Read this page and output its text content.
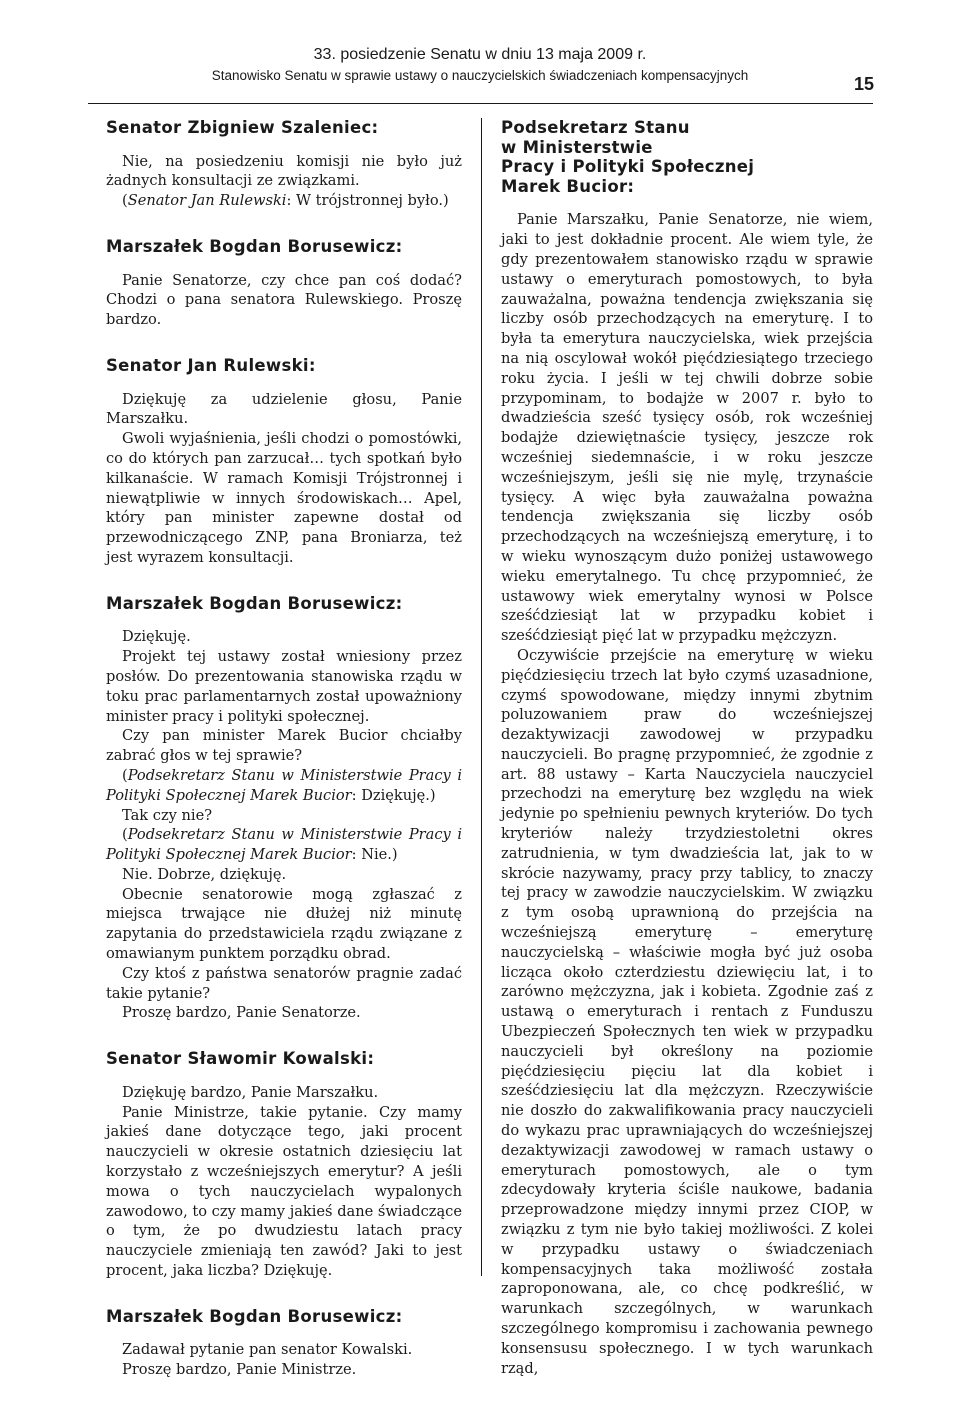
33. posiedzenie Senatu w dniu 13 maja 2009 r.
Stanowisko Senatu w sprawie ustawy o nauczycielskich świadczeniach kompensacyjnych	15
Senator Zbigniew Szaleniec:

Nie, na posiedzeniu komisji nie było już żadnych konsultacji ze związkami.

(Senator Jan Rulewski: W trójstronnej było.)

Marszałek Bogdan Borusewicz:

Panie Senatorze, czy chce pan coś dodać? Chodzi o pana senatora Rulewskiego. Proszę bardzo.

Senator Jan Rulewski:

Dziękuję za udzielenie głosu, Panie Marszałku.

Gwoli wyjaśnienia, jeśli chodzi o pomostówki, co do których pan zarzucał… tych spotkań było kilkanaście. W ramach Komisji Trójstronnej i niewątpliwie w innych środowiskach… Apel, który pan minister zapewne dostał od przewodniczącego ZNP, pana Broniarza, też jest wyrazem konsultacji.

Marszałek Bogdan Borusewicz:

Dziękuję.

Projekt tej ustawy został wniesiony przez posłów. Do prezentowania stanowiska rządu w toku prac parlamentarnych został upoważniony minister pracy i polityki społecznej.

Czy pan minister Marek Bucior chciałby zabrać głos w tej sprawie?

(Podsekretarz Stanu w Ministerstwie Pracy i Polityki Społecznej Marek Bucior: Dziękuję.)

Tak czy nie?

(Podsekretarz Stanu w Ministerstwie Pracy i Polityki Społecznej Marek Bucior: Nie.)

Nie. Dobrze, dziękuję.

Obecnie senatorowie mogą zgłaszać z miejsca trwające nie dłużej niż minutę zapytania do przedstawiciela rządu związane z omawianym punktem porządku obrad.

Czy ktoś z państwa senatorów pragnie zadać takie pytanie?

Proszę bardzo, Panie Senatorze.

Senator Sławomir Kowalski:

Dziękuję bardzo, Panie Marszałku.

Panie Ministrze, takie pytanie. Czy mamy jakieś dane dotyczące tego, jaki procent nauczycieli w okresie ostatnich dziesięciu lat korzystało z wcześniejszych emerytur? A jeśli mowa o tych nauczycielach wypalonych zawodowo, to czy mamy jakieś dane świadczące o tym, że po dwudziestu latach pracy nauczyciele zmieniają ten zawód? Jaki to jest procent, jaka liczba? Dziękuję.

Marszałek Bogdan Borusewicz:

Zadawał pytanie pan senator Kowalski.

Proszę bardzo, Panie Ministrze.

Podsekretarz Stanu
w Ministerstwie
Pracy i Polityki Społecznej
Marek Bucior:

Panie Marszałku, Panie Senatorze, nie wiem, jaki to jest dokładnie procent. Ale wiem tyle, że gdy prezentowałem stanowisko rządu w sprawie ustawy o emeryturach pomostowych, to była zauważalna, poważna tendencja zwiększania się liczby osób przechodzących na emeryturę. I to była ta emerytura nauczycielska, wiek przejścia na nią oscylował wokół pięćdziesiątego trzeciego roku życia. I jeśli w tej chwili dobrze sobie przypominam, to bodajże w 2007 r. było to dwadzieścia sześć tysięcy osób, rok wcześniej bodajże dziewiętnaście tysięcy, jeszcze rok wcześniej siedemnaście, i w roku jeszcze wcześniejszym, jeśli się nie mylę, trzynaście tysięcy. A więc była zauważalna poważna tendencja zwiększania się liczby osób przechodzących na wcześniejszą emeryturę, i to w wieku wynoszącym dużo poniżej ustawowego wieku emerytalnego. Tu chcę przypomnieć, że ustawowy wiek emerytalny wynosi w Polsce sześćdziesiąt lat w przypadku kobiet i sześćdziesiąt pięć lat w przypadku mężczyzn.

Oczywiście przejście na emeryturę w wieku pięćdziesięciu trzech lat było czymś uzasadnione, czymś spowodowane, między innymi zbytnim poluzowaniem praw do wcześniejszej dezaktywizacji zawodowej w przypadku nauczycieli. Bo pragnę przypomnieć, że zgodnie z art. 88 ustawy – Karta Nauczyciela nauczyciel przechodzi na emeryturę bez względu na wiek jedynie po spełnieniu pewnych kryteriów. Do tych kryteriów należy trzydziestoletni okres zatrudnienia, w tym dwadzieścia lat, jak to w skrócie nazywamy, pracy przy tablicy, to znaczy tej pracy w zawodzie nauczycielskim. W związku z tym osobą uprawnioną do przejścia na wcześniejszą emeryturę – emeryturę nauczycielską – właściwie mogła być już osoba licząca około czterdziestu dziewięciu lat, i to zarówno mężczyzna, jak i kobieta. Zgodnie zaś z ustawą o emeryturach i rentach z Funduszu Ubezpieczeń Społecznych ten wiek w przypadku nauczycieli był określony na poziomie pięćdziesięciu pięciu lat dla kobiet i sześćdziesięciu lat dla mężczyzn. Rzeczywiście nie doszło do zakwalifikowania pracy nauczycieli do wykazu prac uprawniających do wcześniejszej dezaktywizacji zawodowej w ramach ustawy o emeryturach pomostowych, ale o tym zdecydowały kryteria ściśle naukowe, badania przeprowadzone między innymi przez CIOP, w związku z tym nie było takiej możliwości. Z kolei w przypadku ustawy o świadczeniach kompensacyjnych taka możliwość została zaproponowana, ale, co chcę podkreślić, w warunkach szczególnych, w warunkach szczególnego kompromisu i zachowania pewnego konsensusu społecznego. I w tych warunkach rząd,
